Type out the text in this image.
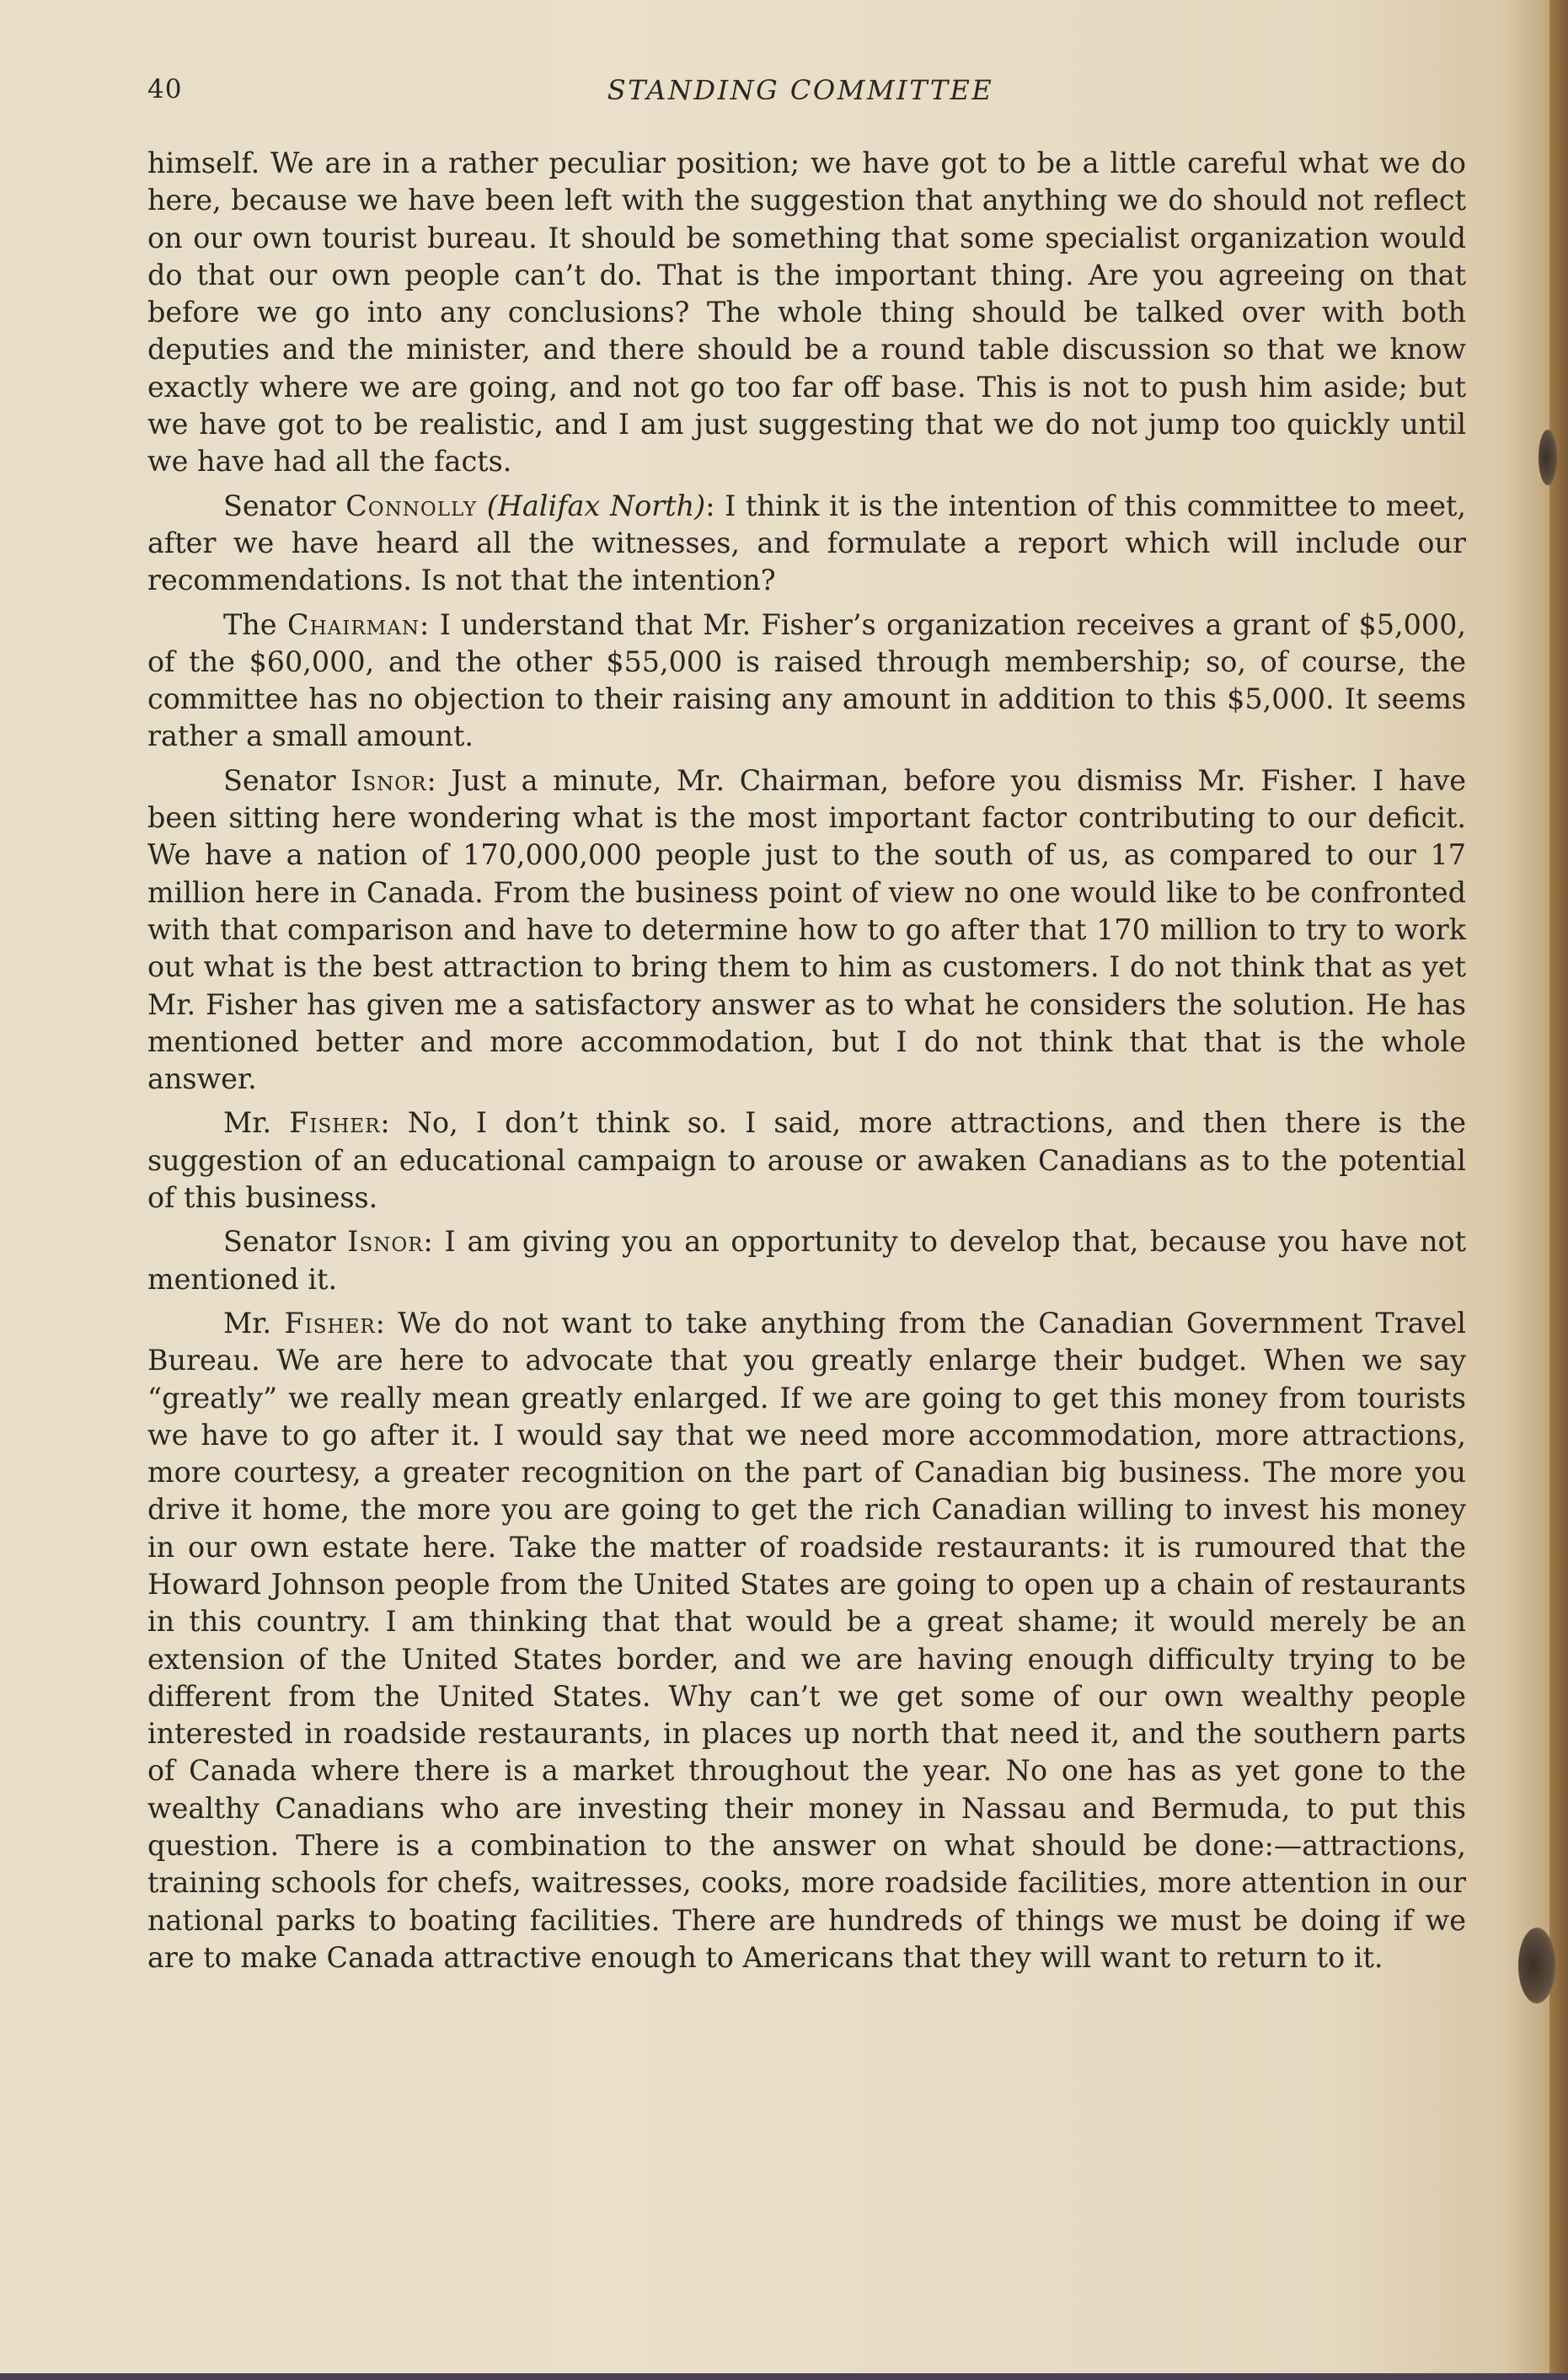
40	STANDING COMMITTEE

himself. We are in a rather peculiar position; we have got to be a little careful what we do here, because we have been left with the suggestion that anything we do should not reflect on our own tourist bureau. It should be something that some specialist organization would do that our own people can’t do. That is the important thing. Are you agreeing on that before we go into any conclusions? The whole thing should be talked over with both deputies and the minister, and there should be a round table discussion so that we know exactly where we are going, and not go too far off base. This is not to push him aside; but we have got to be realistic, and I am just suggesting that we do not jump too quickly until we have had all the facts.

Senator Connolly (Halifax North): I think it is the intention of this committee to meet, after we have heard all the witnesses, and formulate a report which will include our recommendations. Is not that the intention?

The Chairman: I understand that Mr. Fisher’s organization receives a grant of $5,000, of the $60,000, and the other $55,000 is raised through membership; so, of course, the committee has no objection to their raising any amount in addition to this $5,000. It seems rather a small amount.

Senator Isnor: Just a minute, Mr. Chairman, before you dismiss Mr. Fisher. I have been sitting here wondering what is the most important factor contributing to our deficit. We have a nation of 170,000,000 people just to the south of us, as compared to our 17 million here in Canada. From the business point of view no one would like to be confronted with that comparison and have to determine how to go after that 170 million to try to work out what is the best attraction to bring them to him as customers. I do not think that as yet Mr. Fisher has given me a satisfactory answer as to what he considers the solution. He has mentioned better and more accommodation, but I do not think that that is the whole answer.

Mr. Fisher: No, I don’t think so. I said, more attractions, and then there is the suggestion of an educational campaign to arouse or awaken Canadians as to the potential of this business.

Senator Isnor: I am giving you an opportunity to develop that, because you have not mentioned it.

Mr. Fisher: We do not want to take anything from the Canadian Government Travel Bureau. We are here to advocate that you greatly enlarge their budget. When we say “greatly” we really mean greatly enlarged. If we are going to get this money from tourists we have to go after it. I would say that we need more accommodation, more attractions, more courtesy, a greater recognition on the part of Canadian big business. The more you drive it home, the more you are going to get the rich Canadian willing to invest his money in our own estate here. Take the matter of roadside restaurants: it is rumoured that the Howard Johnson people from the United States are going to open up a chain of restaurants in this country. I am thinking that that would be a great shame; it would merely be an extension of the United States border, and we are having enough difficulty trying to be different from the United States. Why can’t we get some of our own wealthy people interested in roadside restaurants, in places up north that need it, and the southern parts of Canada where there is a market throughout the year. No one has as yet gone to the wealthy Canadians who are investing their money in Nassau and Bermuda, to put this question. There is a combination to the answer on what should be done:—attractions, training schools for chefs, waitresses, cooks, more roadside facilities, more attention in our national parks to boating facilities. There are hundreds of things we must be doing if we are to make Canada attractive enough to Americans that they will want to return to it.
